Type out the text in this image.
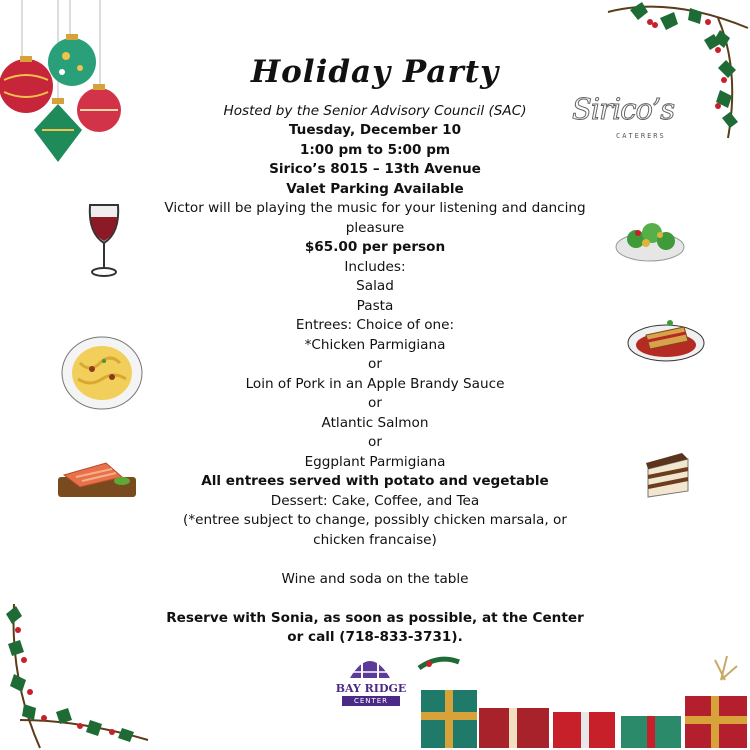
Sirico’s
CATERERS
BAY RIDGE
CENTER
Holiday Party
Hosted by the Senior Advisory Council (SAC)
Tuesday, December 10
1:00 pm to 5:00 pm
Sirico’s 8015 – 13th Avenue
Valet Parking Available
Victor will be playing the music for your listening and dancing
pleasure
$65.00 per person
Includes:
Salad
Pasta
Entrees: Choice of one:
*Chicken Parmigiana
or
Loin of Pork in an Apple Brandy Sauce
or
Atlantic Salmon
or
Eggplant Parmigiana
All entrees served with potato and vegetable
Dessert: Cake, Coffee, and Tea
(*entree subject to change, possibly chicken marsala, or
chicken francaise)
Wine and soda on the table
Reserve with Sonia, as soon as possible, at the Center
or call (718-833-3731).
